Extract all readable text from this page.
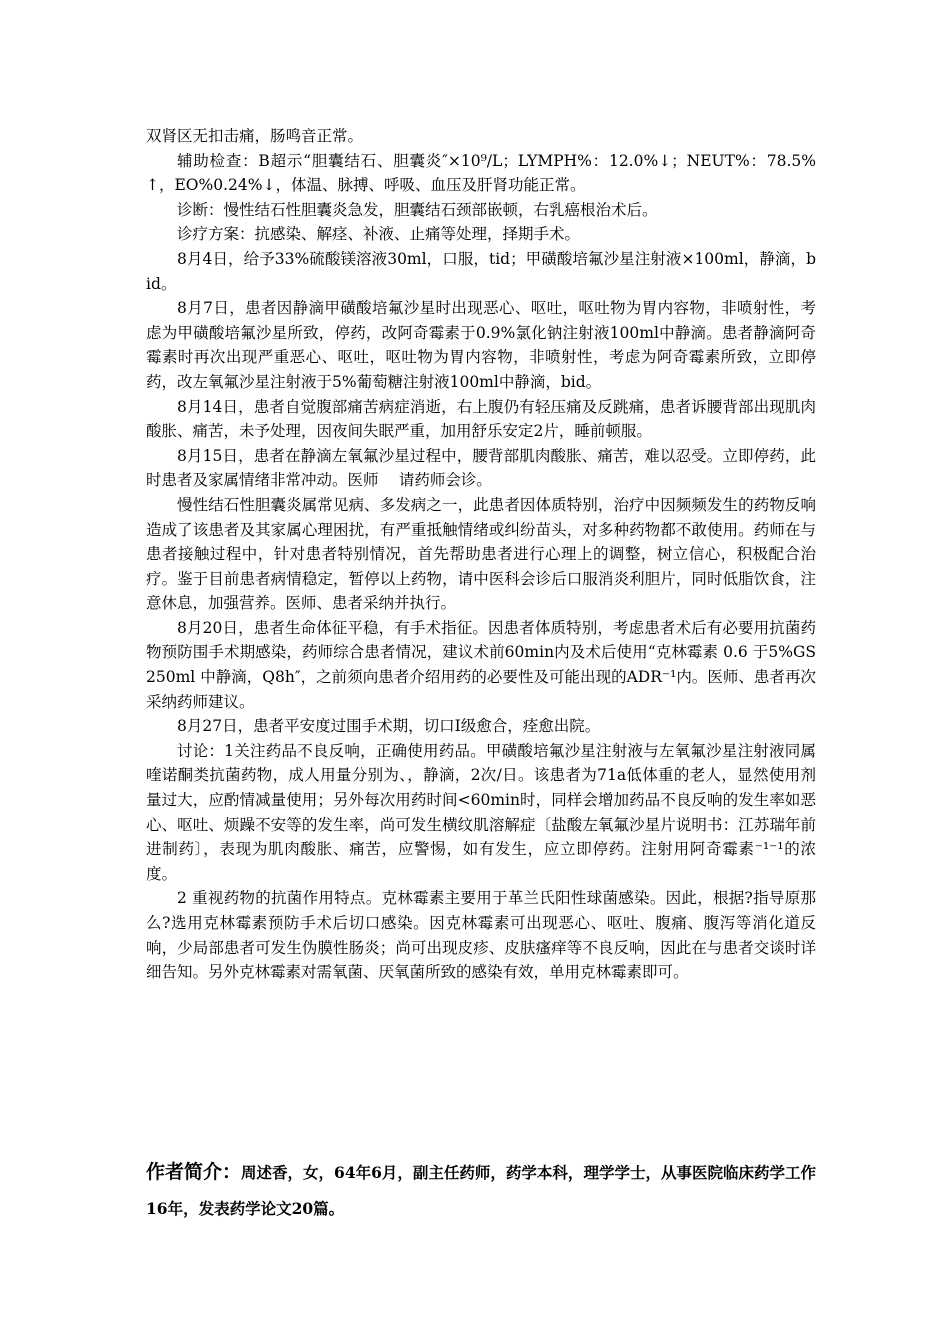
双肾区无扣击痛，肠鸣音正常。

辅助检查：B超示“胆囊结石、胆囊炎″×10⁹/L；LYMPH%：12.0%↓；NEUT%：78.5%↑，EO%0.24%↓，体温、脉搏、呼吸、血压及肝肾功能正常。

诊断：慢性结石性胆囊炎急发，胆囊结石颈部嵌顿，右乳癌根治术后。

诊疗方案：抗感染、解痉、补液、止痛等处理，择期手术。

8月4日，给予33%硫酸镁溶液30ml，口服，tid；甲磺酸培氟沙星注射液×100ml，静滴，bid。

8月7日，患者因静滴甲磺酸培氟沙星时出现恶心、呕吐，呕吐物为胃内容物，非喷射性，考虑为甲磺酸培氟沙星所致，停药，改阿奇霉素于0.9%氯化钠注射液100ml中静滴。患者静滴阿奇霉素时再次出现严重恶心、呕吐，呕吐物为胃内容物，非喷射性，考虑为阿奇霉素所致，立即停药，改左氧氟沙星注射液于5%葡萄糖注射液100ml中静滴，bid。

8月14日，患者自觉腹部痛苦病症消逝，右上腹仍有轻压痛及反跳痛，患者诉腰背部出现肌肉酸胀、痛苦，未予处理，因夜间失眠严重，加用舒乐安定2片，睡前顿服。

8月15日，患者在静滴左氧氟沙星过程中，腰背部肌肉酸胀、痛苦，难以忍受。立即停药，此时患者及家属情绪非常冲动。医师　 请药师会诊。

慢性结石性胆囊炎属常见病、多发病之一，此患者因体质特别，治疗中因频频发生的药物反响造成了该患者及其家属心理困扰，有严重抵触情绪或纠纷苗头，对多种药物都不敢使用。药师在与患者接触过程中，针对患者特别情况，首先帮助患者进行心理上的调整，树立信心，积极配合治疗。鉴于目前患者病情稳定，暂停以上药物，请中医科会诊后口服消炎利胆片，同时低脂饮食，注意休息，加强营养。医师、患者采纳并执行。

8月20日，患者生命体征平稳，有手术指征。因患者体质特别，考虑患者术后有必要用抗菌药物预防围手术期感染，药师综合患者情况，建议术前60min内及术后使用“克林霉素 0.6 于5%GS250ml 中静滴，Q8h″，之前须向患者介绍用药的必要性及可能出现的ADR⁻¹内。医师、患者再次采纳药师建议。

8月27日，患者平安度过围手术期，切口Ⅰ级愈合，痊愈出院。

讨论：1关注药品不良反响，正确使用药品。甲磺酸培氟沙星注射液与左氧氟沙星注射液同属喹诺酮类抗菌药物，成人用量分别为、，静滴，2次/日。该患者为71a低体重的老人，显然使用剂量过大，应酌情减量使用；另外每次用药时间<60min时，同样会增加药品不良反响的发生率如恶心、呕吐、烦躁不安等的发生率，尚可发生横纹肌溶解症〔盐酸左氧氟沙星片说明书：江苏瑞年前进制药〕，表现为肌肉酸胀、痛苦，应警惕，如有发生，应立即停药。注射用阿奇霉素⁻¹⁻¹的浓度。

2 重视药物的抗菌作用特点。克林霉素主要用于革兰氏阳性球菌感染。因此，根据?指导原那么?选用克林霉素预防手术后切口感染。因克林霉素可出现恶心、呕吐、腹痛、腹泻等消化道反响，少局部患者可发生伪膜性肠炎；尚可出现皮疹、皮肤瘙痒等不良反响，因此在与患者交谈时详细告知。另外克林霉素对需氧菌、厌氧菌所致的感染有效，单用克林霉素即可。

作者简介：周述香，女，64年6月，副主任药师，药学本科，理学学士，从事医院临床药学工作16年，发表药学论文20篇。
